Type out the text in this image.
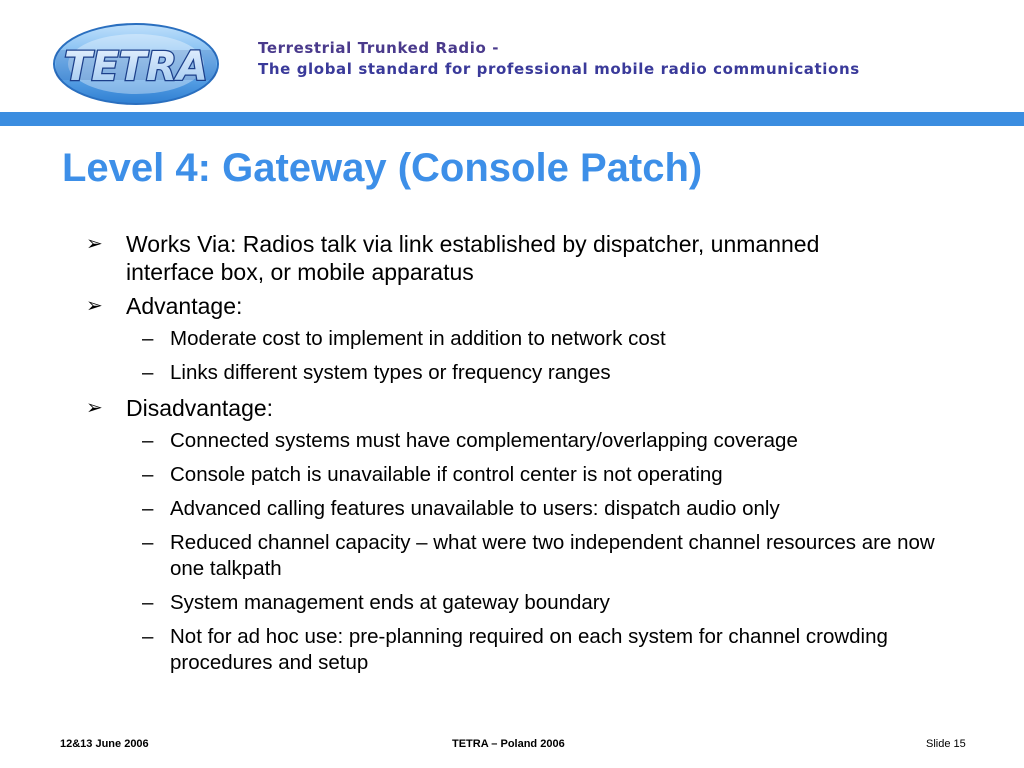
TETRA	Terrestrial Trunked Radio -
The global standard for professional mobile radio communications
Level 4: Gateway (Console Patch)
➢ Works Via: Radios talk via link established by dispatcher, unmanned interface box, or mobile apparatus
➢ Advantage:
– Moderate cost to implement in addition to network cost
– Links different system types or frequency ranges
➢ Disadvantage:
– Connected systems must have complementary/overlapping coverage
– Console patch is unavailable if control center is not operating
– Advanced calling features unavailable to users: dispatch audio only
– Reduced channel capacity – what were two independent channel resources are now one talkpath
– System management ends at gateway boundary
– Not for ad hoc use: pre-planning required on each system for channel crowding procedures and setup
12&13 June 2006	TETRA – Poland 2006	Slide 15
